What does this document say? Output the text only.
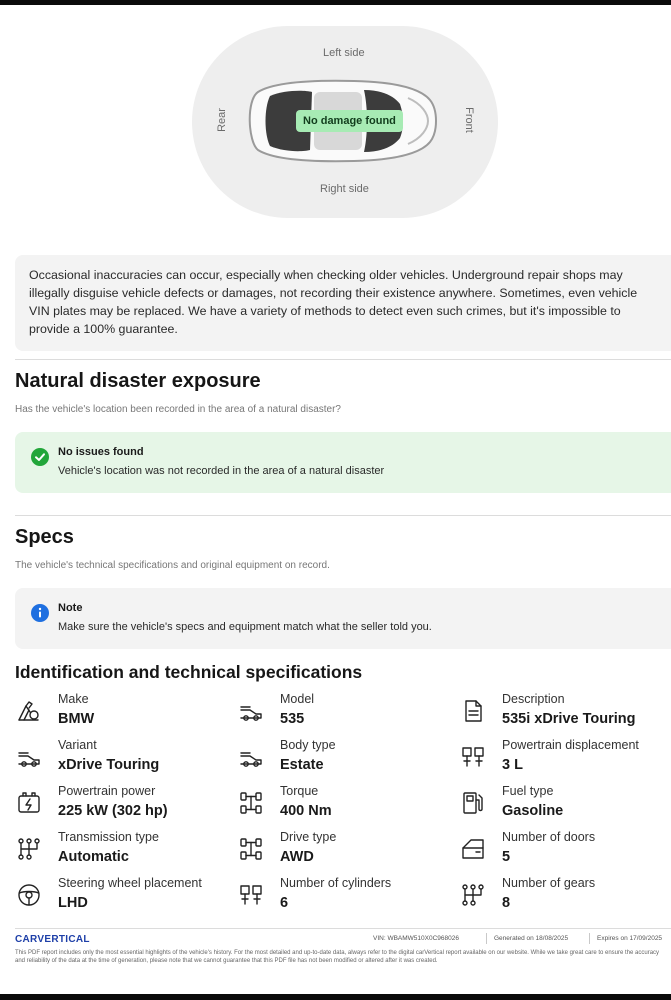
Left side
Right side
Rear	Front
No damage found
Occasional inaccuracies can occur, especially when checking older vehicles. Underground repair shops may illegally disguise vehicle defects or damages, not recording their existence anywhere. Sometimes, even vehicle VIN plates may be replaced. We have a variety of methods to detect even such crimes, but it's impossible to provide a 100% guarantee.
Natural disaster exposure
Has the vehicle's location been recorded in the area of a natural disaster?
No issues found
Vehicle's location was not recorded in the area of a natural disaster
Specs
The vehicle's technical specifications and original equipment on record.
Note
Make sure the vehicle's specs and equipment match what the seller told you.
Identification and technical specifications
Make
BMW
Model
535
Description
535i xDrive Touring
Variant
xDrive Touring
Body type
Estate
Powertrain displacement
3 L
Powertrain power
225 kW (302 hp)
Torque
400 Nm
Fuel type
Gasoline
Transmission type
Automatic
Drive type
AWD
Number of doors
5
Steering wheel placement
LHD
Number of cylinders
6
Number of gears
8
CARVERTICAL	VIN: WBAMW510X0C968026	Generated on 18/08/2025	Expires on 17/09/2025
This PDF report includes only the most essential highlights of the vehicle's history. For the most detailed and up-to-date data, always refer to the digital carVertical report available on our website. While we take great care to ensure the accuracy and reliability of the data at the time of generation, please note that we cannot guarantee that this PDF file has not been modified or altered after it was created.
